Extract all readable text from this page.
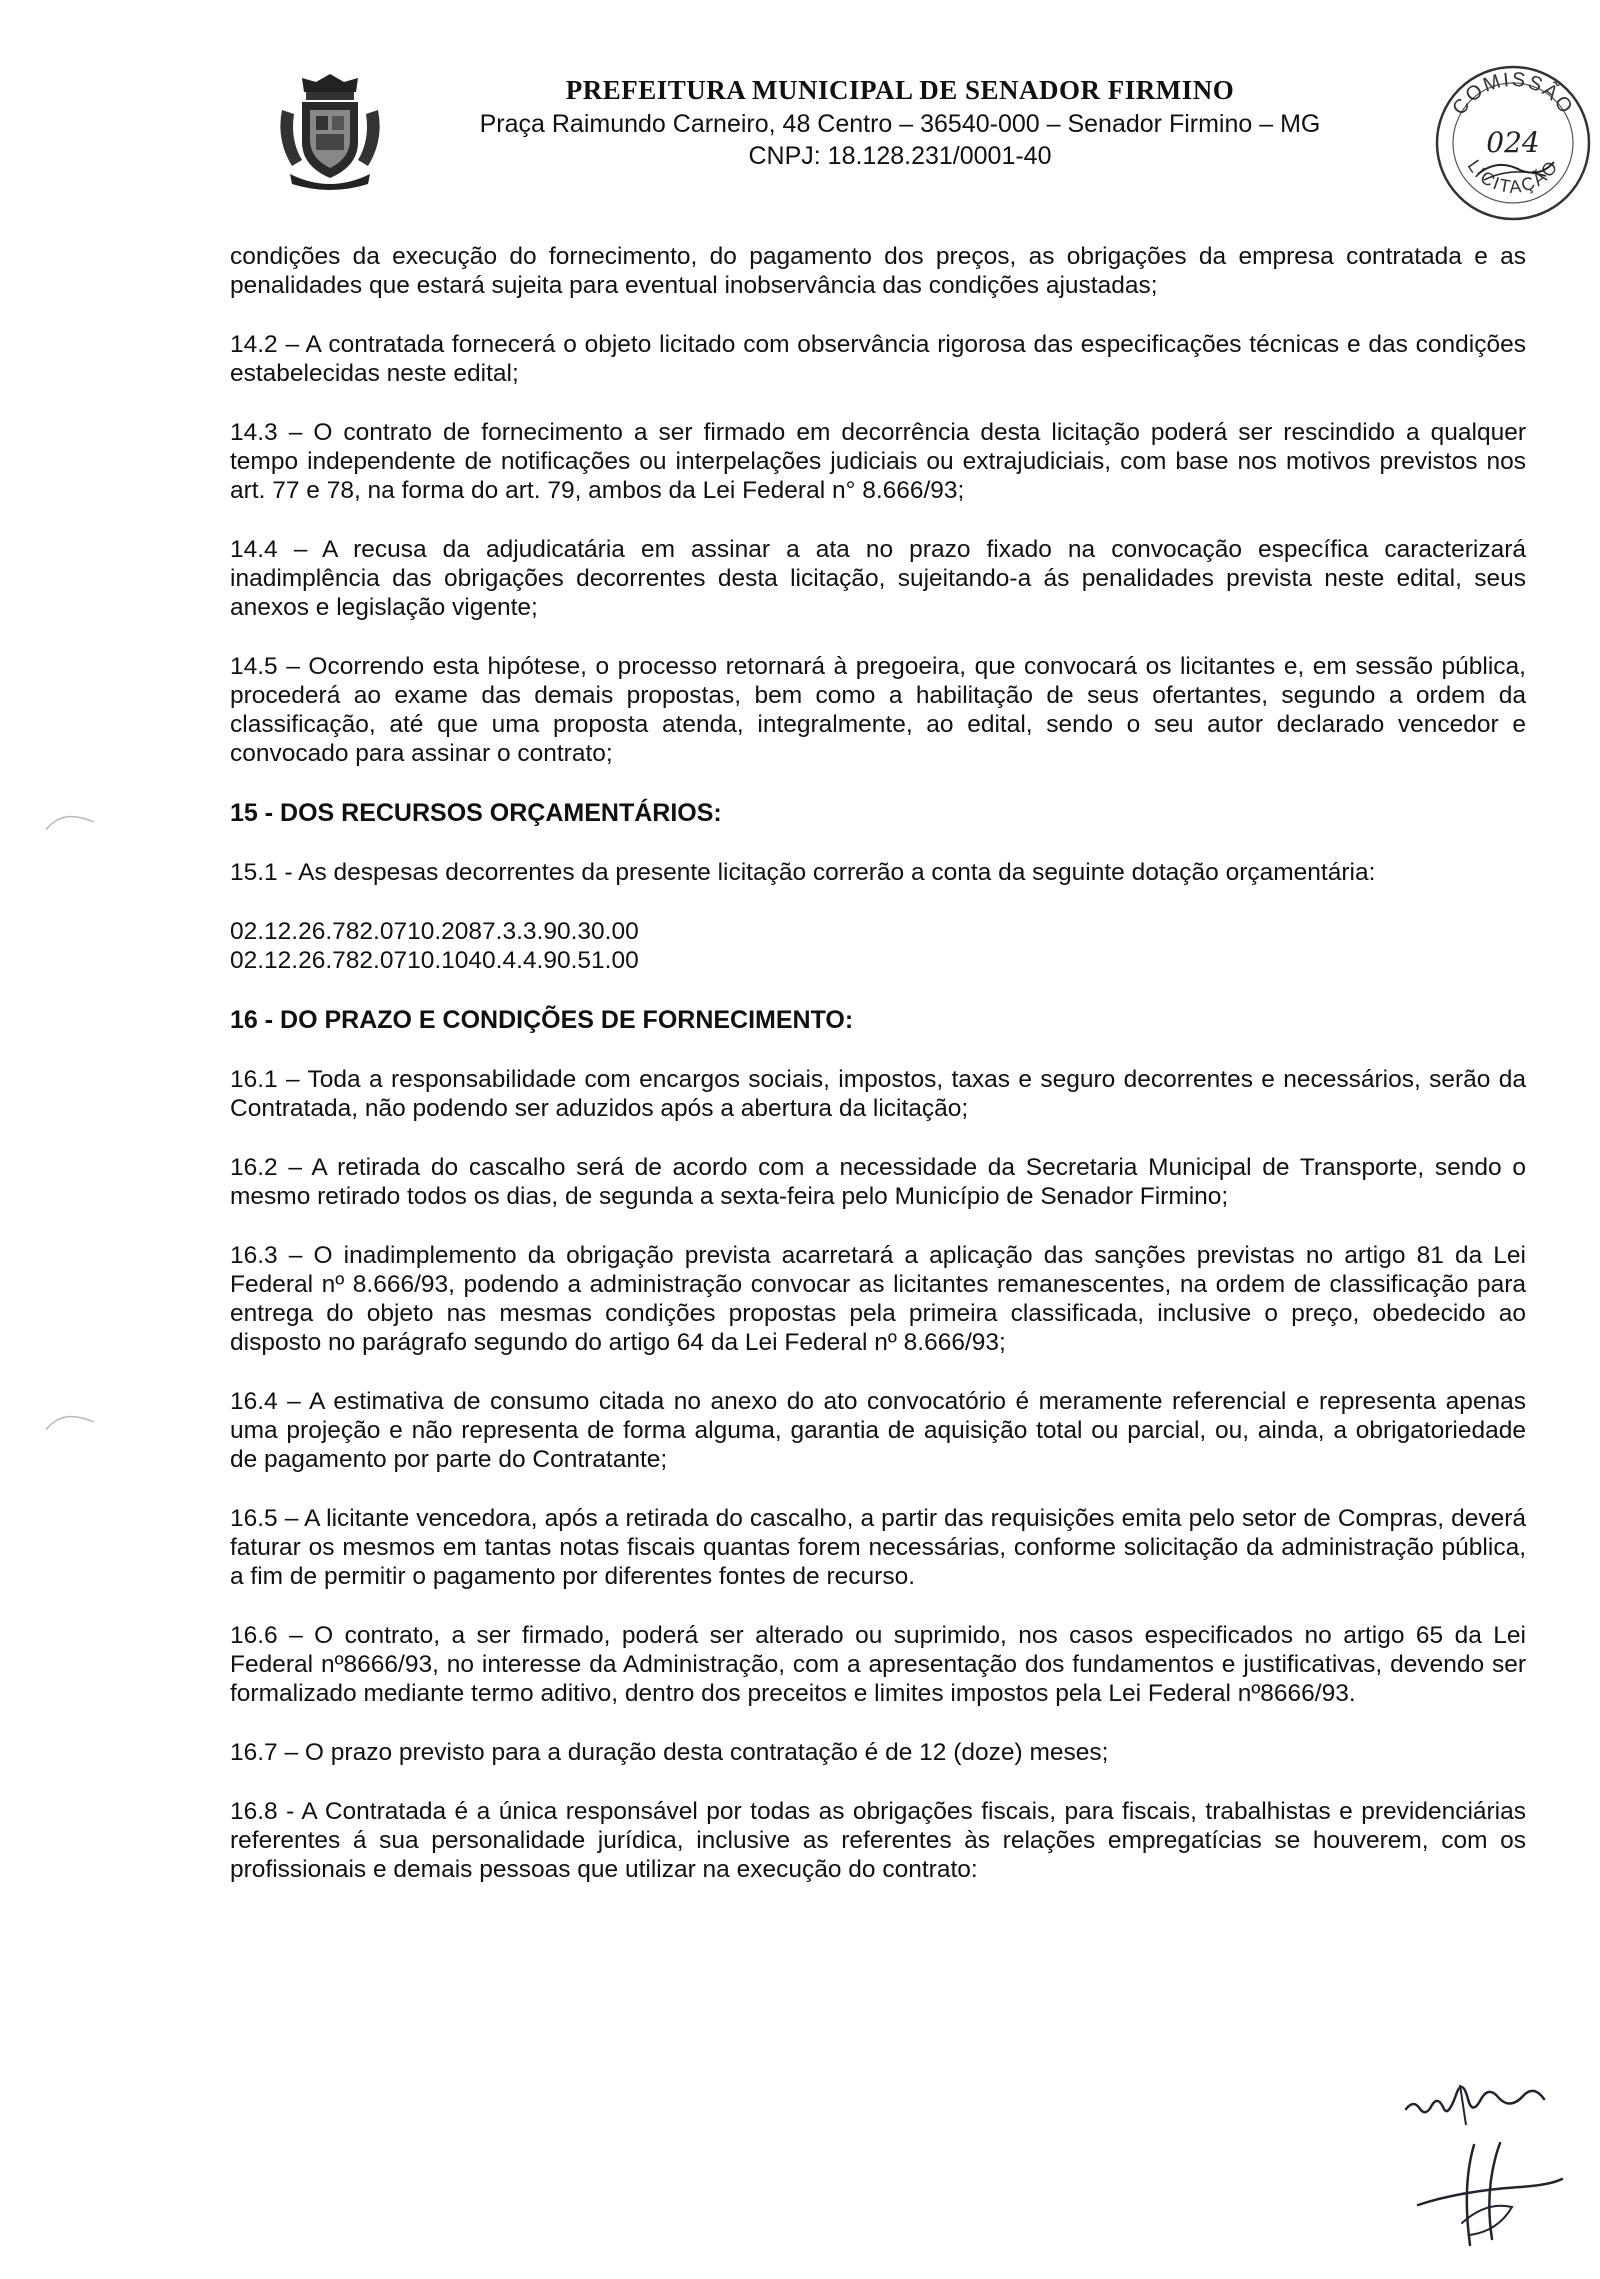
PREFEITURA MUNICIPAL DE SENADOR FIRMINO
Praça Raimundo Carneiro, 48 Centro – 36540-000 – Senador Firmino – MG
CNPJ: 18.128.231/0001-40
COMISSÃO
LICITAÇÃO
024

condições da execução do fornecimento, do pagamento dos preços, as obrigações da empresa contratada e as penalidades que estará sujeita para eventual inobservância das condições ajustadas;

14.2 – A contratada fornecerá o objeto licitado com observância rigorosa das especificações técnicas e das condições estabelecidas neste edital;

14.3 – O contrato de fornecimento a ser firmado em decorrência desta licitação poderá ser rescindido a qualquer tempo independente de notificações ou interpelações judiciais ou extrajudiciais, com base nos motivos previstos nos art. 77 e 78, na forma do art. 79, ambos da Lei Federal n° 8.666/93;

14.4 – A recusa da adjudicatária em assinar a ata no prazo fixado na convocação específica caracterizará inadimplência das obrigações decorrentes desta licitação, sujeitando-a ás penalidades prevista neste edital, seus anexos e legislação vigente;

14.5 – Ocorrendo esta hipótese, o processo retornará à pregoeira, que convocará os licitantes e, em sessão pública, procederá ao exame das demais propostas, bem como a habilitação de seus ofertantes, segundo a ordem da classificação, até que uma proposta atenda, integralmente, ao edital, sendo o seu autor declarado vencedor e convocado para assinar o contrato;

15 - DOS RECURSOS ORÇAMENTÁRIOS:

15.1 - As despesas decorrentes da presente licitação correrão a conta da seguinte dotação orçamentária:

02.12.26.782.0710.2087.3.3.90.30.00
02.12.26.782.0710.1040.4.4.90.51.00

16 - DO PRAZO E CONDIÇÕES DE FORNECIMENTO:

16.1 – Toda a responsabilidade com encargos sociais, impostos, taxas e seguro decorrentes e necessários, serão da Contratada, não podendo ser aduzidos após a abertura da licitação;

16.2 – A retirada do cascalho será de acordo com a necessidade da Secretaria Municipal de Transporte, sendo o mesmo retirado todos os dias, de segunda a sexta-feira pelo Município de Senador Firmino;

16.3 – O inadimplemento da obrigação prevista acarretará a aplicação das sanções previstas no artigo 81 da Lei Federal nº 8.666/93, podendo a administração convocar as licitantes remanescentes, na ordem de classificação para entrega do objeto nas mesmas condições propostas pela primeira classificada, inclusive o preço, obedecido ao disposto no parágrafo segundo do artigo 64 da Lei Federal nº 8.666/93;

16.4 – A estimativa de consumo citada no anexo do ato convocatório é meramente referencial e representa apenas uma projeção e não representa de forma alguma, garantia de aquisição total ou parcial, ou, ainda, a obrigatoriedade de pagamento por parte do Contratante;

16.5 – A licitante vencedora, após a retirada do cascalho, a partir das requisições emita pelo setor de Compras, deverá faturar os mesmos em tantas notas fiscais quantas forem necessárias, conforme solicitação da administração pública, a fim de permitir o pagamento por diferentes fontes de recurso.

16.6 – O contrato, a ser firmado, poderá ser alterado ou suprimido, nos casos especificados no artigo 65 da Lei Federal nº8666/93, no interesse da Administração, com a apresentação dos fundamentos e justificativas, devendo ser formalizado mediante termo aditivo, dentro dos preceitos e limites impostos pela Lei Federal nº8666/93.

16.7 – O prazo previsto para a duração desta contratação é de 12 (doze) meses;

16.8 - A Contratada é a única responsável por todas as obrigações fiscais, para fiscais, trabalhistas e previdenciárias referentes á sua personalidade jurídica, inclusive as referentes às relações empregatícias se houverem, com os profissionais e demais pessoas que utilizar na execução do contrato:
